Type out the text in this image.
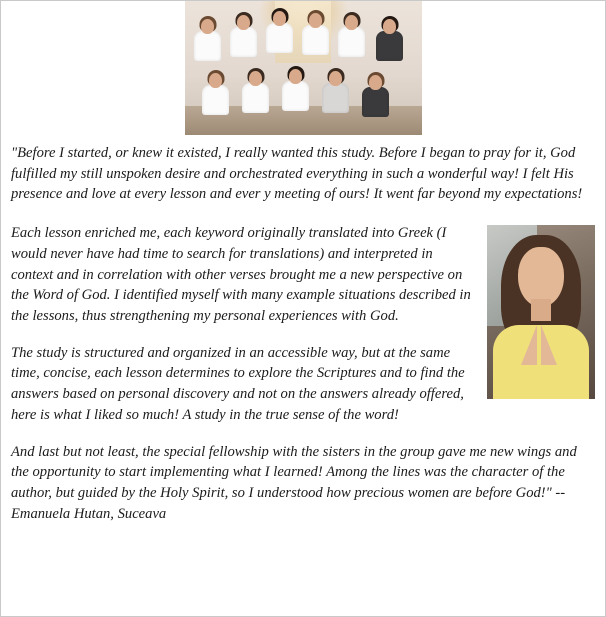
"Before I started, or knew it existed, I really wanted this study. Before I began to pray for it, God fulfilled my still unspoken desire and orchestrated everything in such a wonderful way! I felt His presence and love at every lesson and ever y meeting of ours! It went far beyond my expectations!

Each lesson enriched me, each keyword originally translated into Greek (I would never have had time to search for translations) and interpreted in context and in correlation with other verses brought me a new perspective on the Word of God. I identified myself with many example situations described in the lessons, thus strengthening my personal experiences with God.

The study is structured and organized in an accessible way, but at the same time, concise, each lesson determines to explore the Scriptures and to find the answers based on personal discovery and not on the answers already offered, here is what I liked so much! A study in the true sense of the word!

And last but not least, the special fellowship with the sisters in the group gave me new wings and the opportunity to start implementing what I learned! Among the lines was the character of the author, but guided by the Holy Spirit, so I understood how precious women are before God!" -- Emanuela Hutan, Suceava
